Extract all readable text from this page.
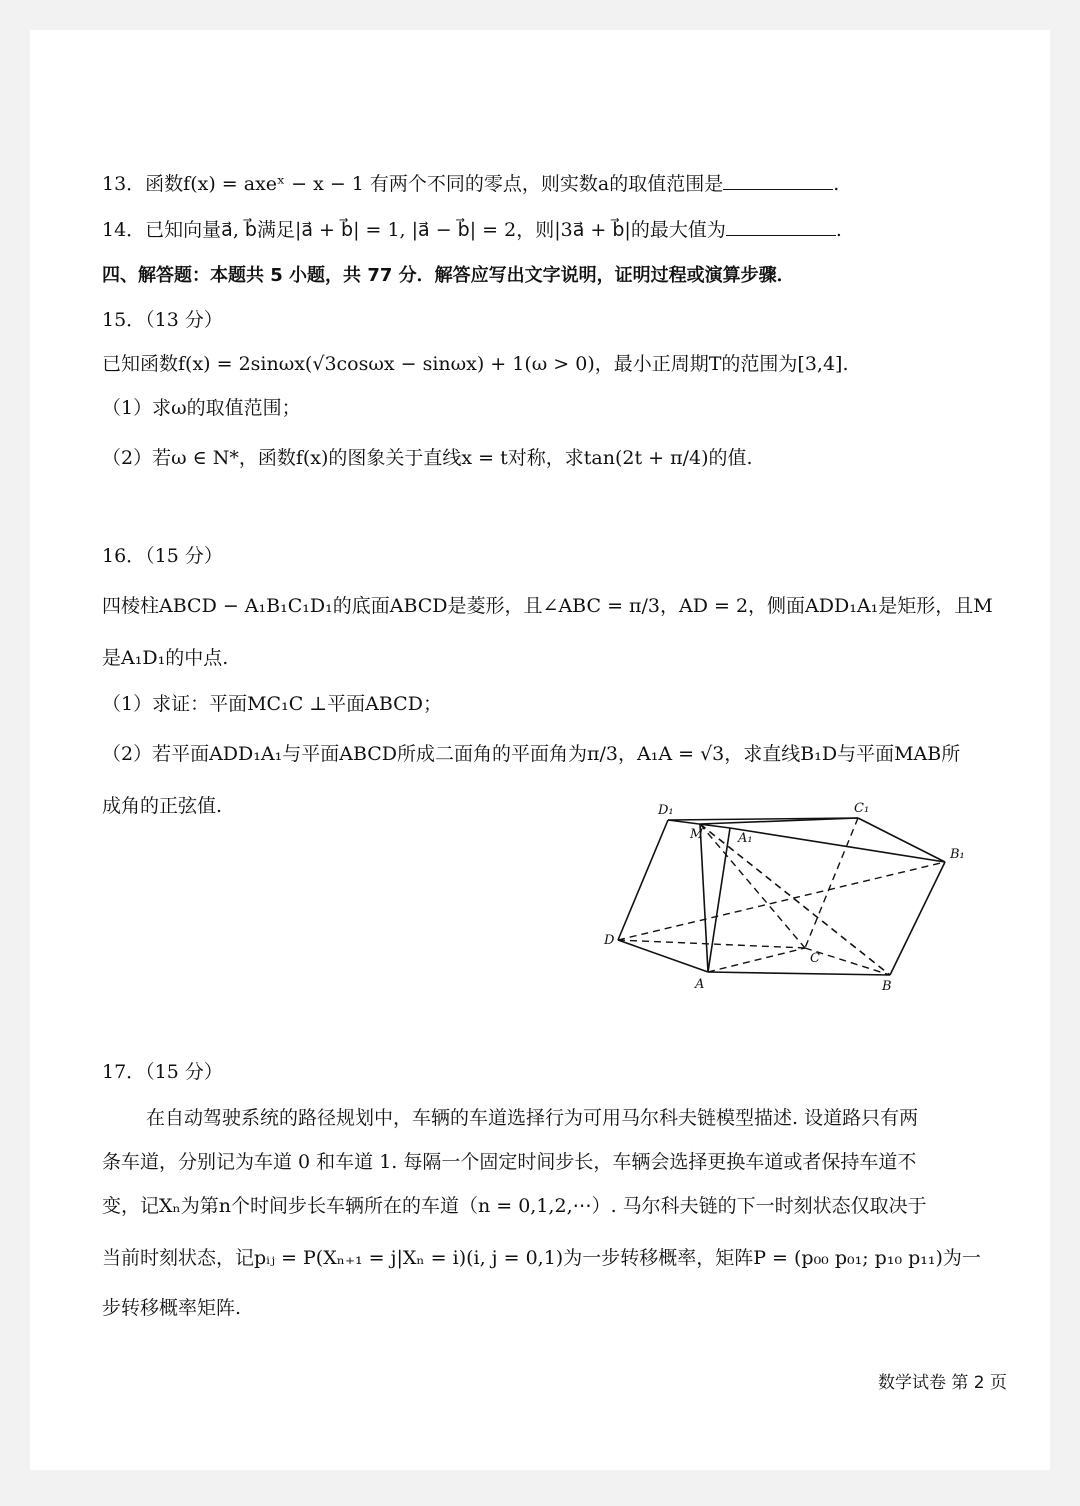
13．函数f(x) = axeˣ − x − 1 有两个不同的零点，则实数a的取值范围是	.
14．已知向量a⃗, b⃗满足|a⃗ + b⃗| = 1, |a⃗ − b⃗| = 2，则|3a⃗ + b⃗|的最大值为	.
四、解答题：本题共 5 小题，共 77 分．解答应写出文字说明，证明过程或演算步骤．
15．（13 分）
已知函数f(x) = 2sinωx(√3cosωx − sinωx) + 1(ω > 0)，最小正周期T的范围为[3,4].
（1）求ω的取值范围；
（2）若ω ∈ N*，函数f(x)的图象关于直线x = t对称，求tan(2t + π/4)的值.
16．（15 分）
四棱柱ABCD − A₁B₁C₁D₁的底面ABCD是菱形，且∠ABC = π/3，AD = 2，侧面ADD₁A₁是矩形，且M
是A₁D₁的中点.
（1）求证：平面MC₁C ⊥平面ABCD；
（2）若平面ADD₁A₁与平面ABCD所成二面角的平面角为π/3，A₁A = √3，求直线B₁D与平面MAB所
成角的正弦值.	D₁	C₁
B₁
A₁
M
C
D
A	B
17．（15 分）
在自动驾驶系统的路径规划中，车辆的车道选择行为可用马尔科夫链模型描述. 设道路只有两
条车道，分别记为车道 0 和车道 1. 每隔一个固定时间步长，车辆会选择更换车道或者保持车道不
变，记Xₙ为第n个时间步长车辆所在的车道（n = 0,1,2,⋯）. 马尔科夫链的下一时刻状态仅取决于
当前时刻状态，记pᵢⱼ = P(Xₙ₊₁ = j|Xₙ = i)(i, j = 0,1)为一步转移概率，矩阵P = (p₀₀ p₀₁; p₁₀ p₁₁)为一
步转移概率矩阵.
数学试卷 第 2 页
